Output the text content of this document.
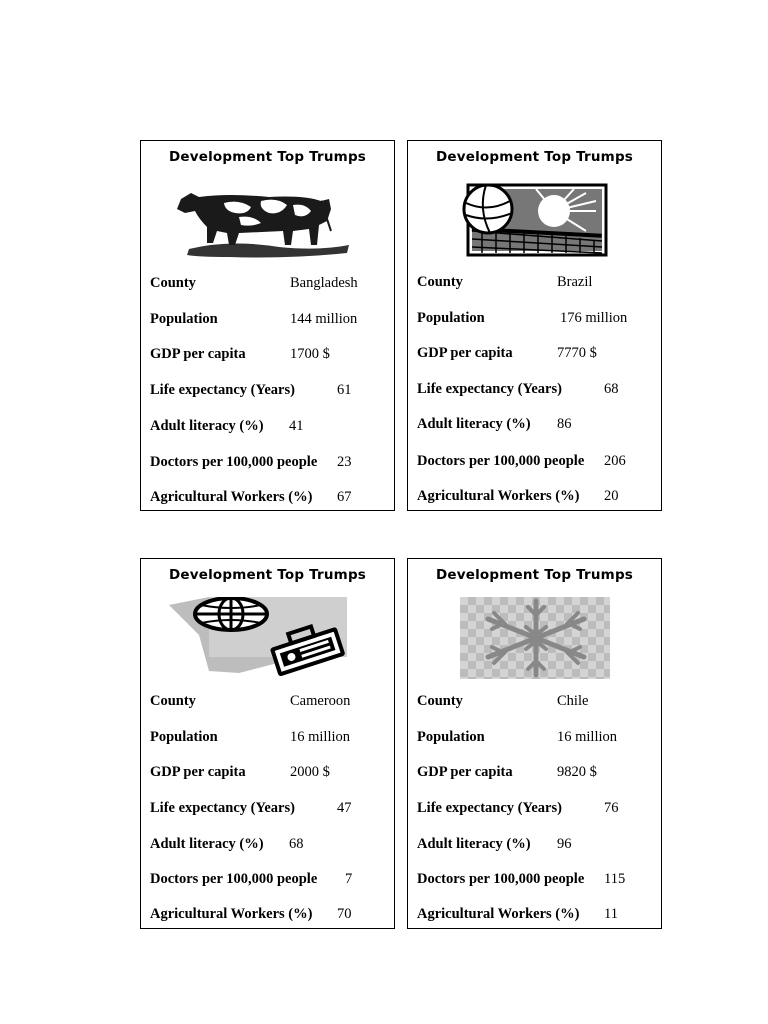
Development Top Trumps
County	Bangladesh
Population	144 million
GDP per capita	1700 $
Life expectancy (Years)	61
Adult literacy (%) 41
Doctors per 100,000 people 23
Agricultural Workers (%) 67
Development Top Trumps
County	Brazil
Population	176 million
GDP per capita	7770 $
Life expectancy (Years)	68
Adult literacy (%) 86
Doctors per 100,000 people 206
Agricultural Workers (%) 20
Development Top Trumps
County	Cameroon
Population	16 million
GDP per capita	2000 $
Life expectancy (Years)	47
Adult literacy (%) 68
Doctors per 100,000 people 7
Agricultural Workers (%) 70
Development Top Trumps
County	Chile
Population	16 million
GDP per capita	9820 $
Life expectancy (Years)	76
Adult literacy (%) 96
Doctors per 100,000 people 115
Agricultural Workers (%) 11
